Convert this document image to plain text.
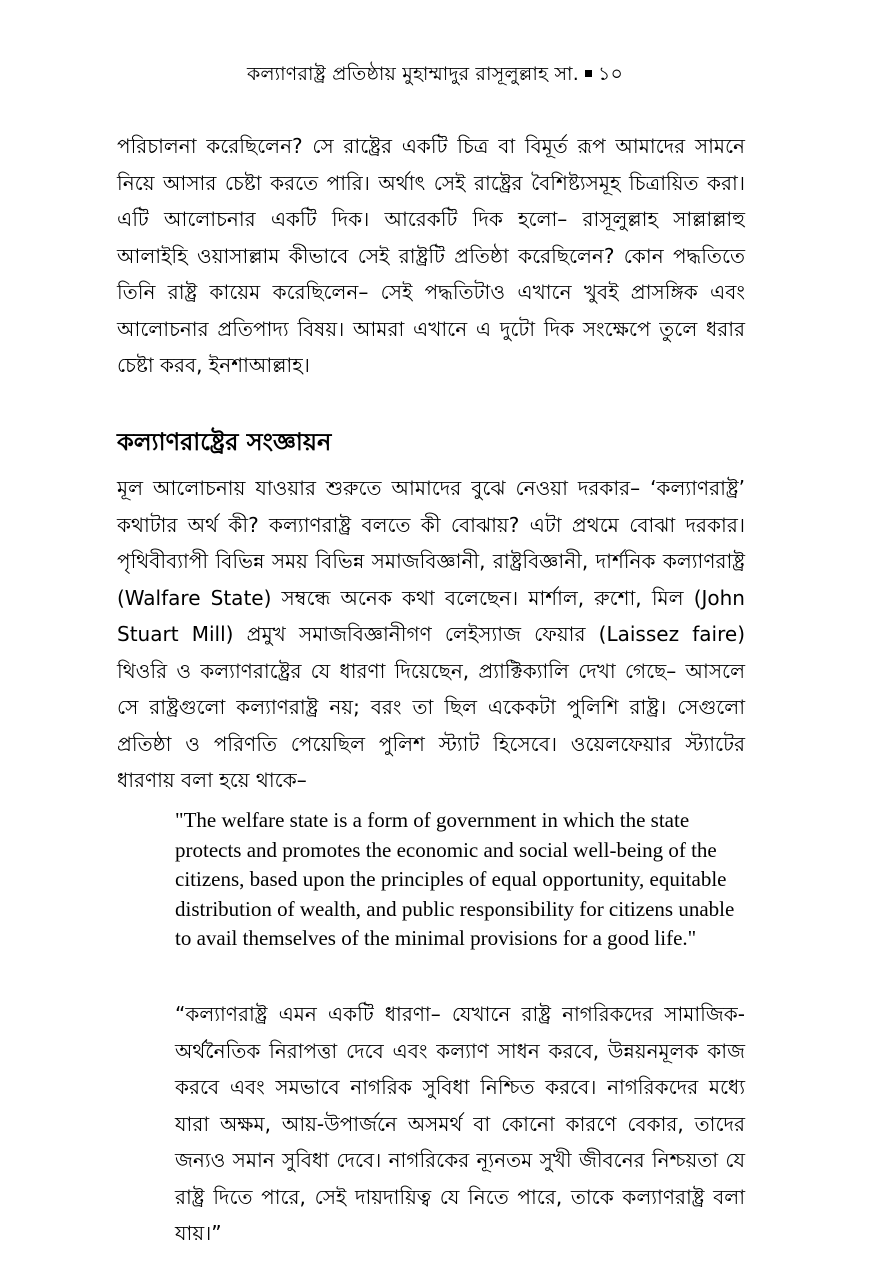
কল্যাণরাষ্ট্র প্রতিষ্ঠায় মুহাম্মাদুর রাসূলুল্লাহ সা. ১০

পরিচালনা করেছিলেন? সে রাষ্ট্রের একটি চিত্র বা বিমূর্ত রূপ আমাদের সামনে নিয়ে আসার চেষ্টা করতে পারি। অর্থাৎ সেই রাষ্ট্রের বৈশিষ্ট্যসমূহ চিত্রায়িত করা। এটি আলোচনার একটি দিক। আরেকটি দিক হলো– রাসূলুল্লাহ সাল্লাল্লাহু আলাইহি ওয়াসাল্লাম কীভাবে সেই রাষ্ট্রটি প্রতিষ্ঠা করেছিলেন? কোন পদ্ধতিতে তিনি রাষ্ট্র কায়েম করেছিলেন– সেই পদ্ধতিটাও এখানে খুবই প্রাসঙ্গিক এবং আলোচনার প্রতিপাদ্য বিষয়। আমরা এখানে এ দুটো দিক সংক্ষেপে তুলে ধরার চেষ্টা করব, ইনশাআল্লাহ।

কল্যাণরাষ্ট্রের সংজ্ঞায়ন

মূল আলোচনায় যাওয়ার শুরুতে আমাদের বুঝে নেওয়া দরকার– ‘কল্যাণরাষ্ট্র’ কথাটার অর্থ কী? কল্যাণরাষ্ট্র বলতে কী বোঝায়? এটা প্রথমে বোঝা দরকার। পৃথিবীব্যাপী বিভিন্ন সময় বিভিন্ন সমাজবিজ্ঞানী, রাষ্ট্রবিজ্ঞানী, দার্শনিক কল্যাণরাষ্ট্র (Walfare State) সম্বন্ধে অনেক কথা বলেছেন। মার্শাল, রুশো, মিল (John Stuart Mill) প্রমুখ সমাজবিজ্ঞানীগণ লেইস্যাজ ফেয়ার (Laissez faire) থিওরি ও কল্যাণরাষ্ট্রের যে ধারণা দিয়েছেন, প্র্যাক্টিক্যালি দেখা গেছে– আসলে সে রাষ্ট্রগুলো কল্যাণরাষ্ট্র নয়; বরং তা ছিল একেকটা পুলিশি রাষ্ট্র। সেগুলো প্রতিষ্ঠা ও পরিণতি পেয়েছিল পুলিশ স্ট্যাট হিসেবে। ওয়েলফেয়ার স্ট্যাটের ধারণায় বলা হয়ে থাকে–

"The welfare state is a form of government in which the state protects and promotes the economic and social well-being of the citizens, based upon the principles of equal opportunity, equitable distribution of wealth, and public responsibility for citizens unable to avail themselves of the minimal provisions for a good life."

“কল্যাণরাষ্ট্র এমন একটি ধারণা– যেখানে রাষ্ট্র নাগরিকদের সামাজিক-অর্থনৈতিক নিরাপত্তা দেবে এবং কল্যাণ সাধন করবে, উন্নয়নমূলক কাজ করবে এবং সমভাবে নাগরিক সুবিধা নিশ্চিত করবে। নাগরিকদের মধ্যে যারা অক্ষম, আয়-উপার্জনে অসমর্থ বা কোনো কারণে বেকার, তাদের জন্যও সমান সুবিধা দেবে। নাগরিকের ন্যূনতম সুখী জীবনের নিশ্চয়তা যে রাষ্ট্র দিতে পারে, সেই দায়দায়িত্ব যে নিতে পারে, তাকে কল্যাণরাষ্ট্র বলা যায়।”
